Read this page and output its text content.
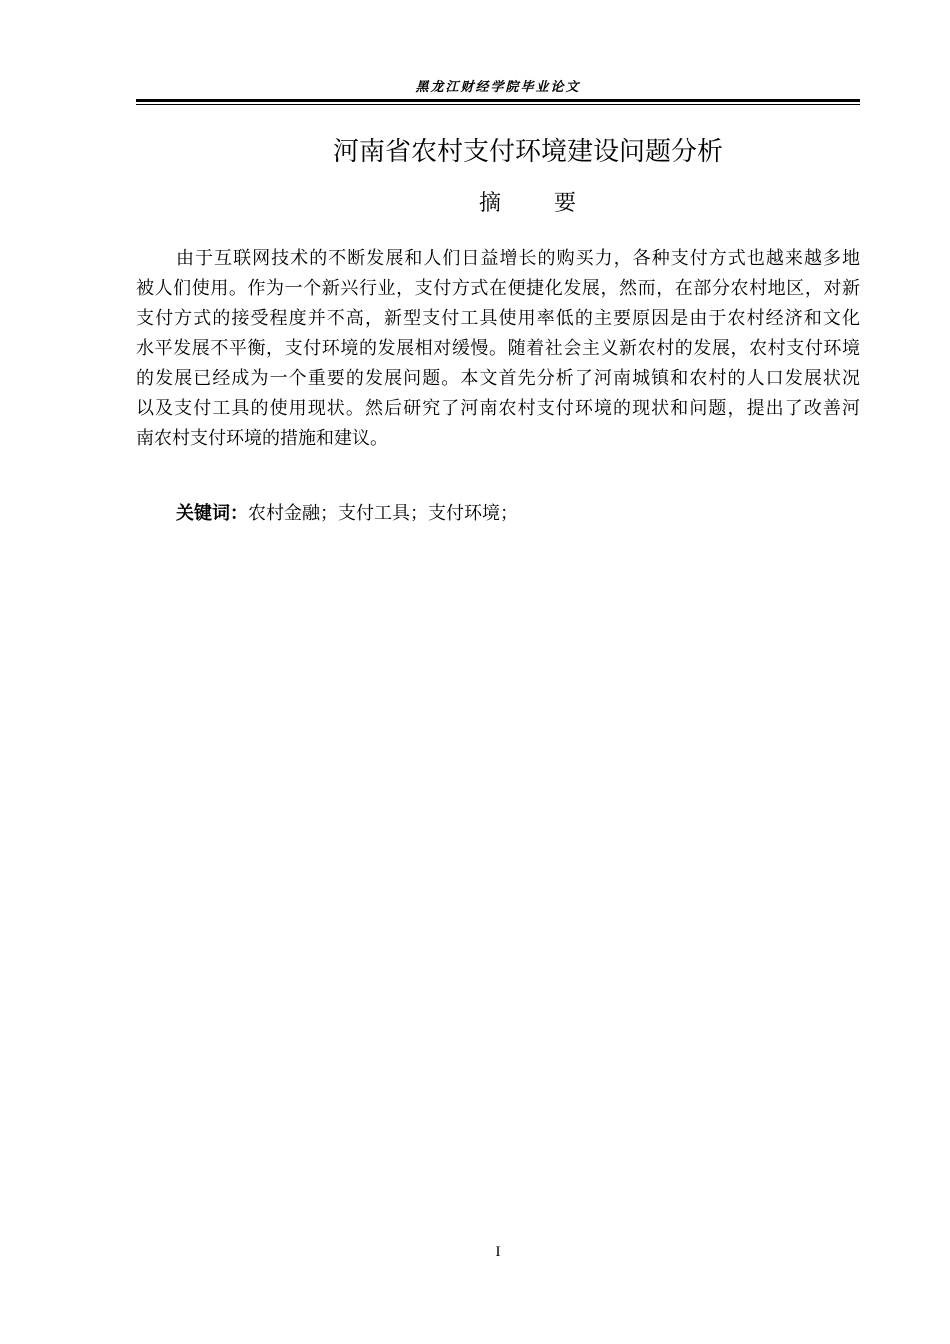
黑龙江财经学院毕业论文
河南省农村支付环境建设问题分析
摘 要
由于互联网技术的不断发展和人们日益增长的购买力，各种支付方式也越来越多地
被人们使用。作为一个新兴行业，支付方式在便捷化发展，然而，在部分农村地区，对新
支付方式的接受程度并不高，新型支付工具使用率低的主要原因是由于农村经济和文化
水平发展不平衡，支付环境的发展相对缓慢。随着社会主义新农村的发展，农村支付环境
的发展已经成为一个重要的发展问题。本文首先分析了河南城镇和农村的人口发展状况
以及支付工具的使用现状。然后研究了河南农村支付环境的现状和问题，提出了改善河
南农村支付环境的措施和建议。
关键词：农村金融；支付工具；支付环境；
I
